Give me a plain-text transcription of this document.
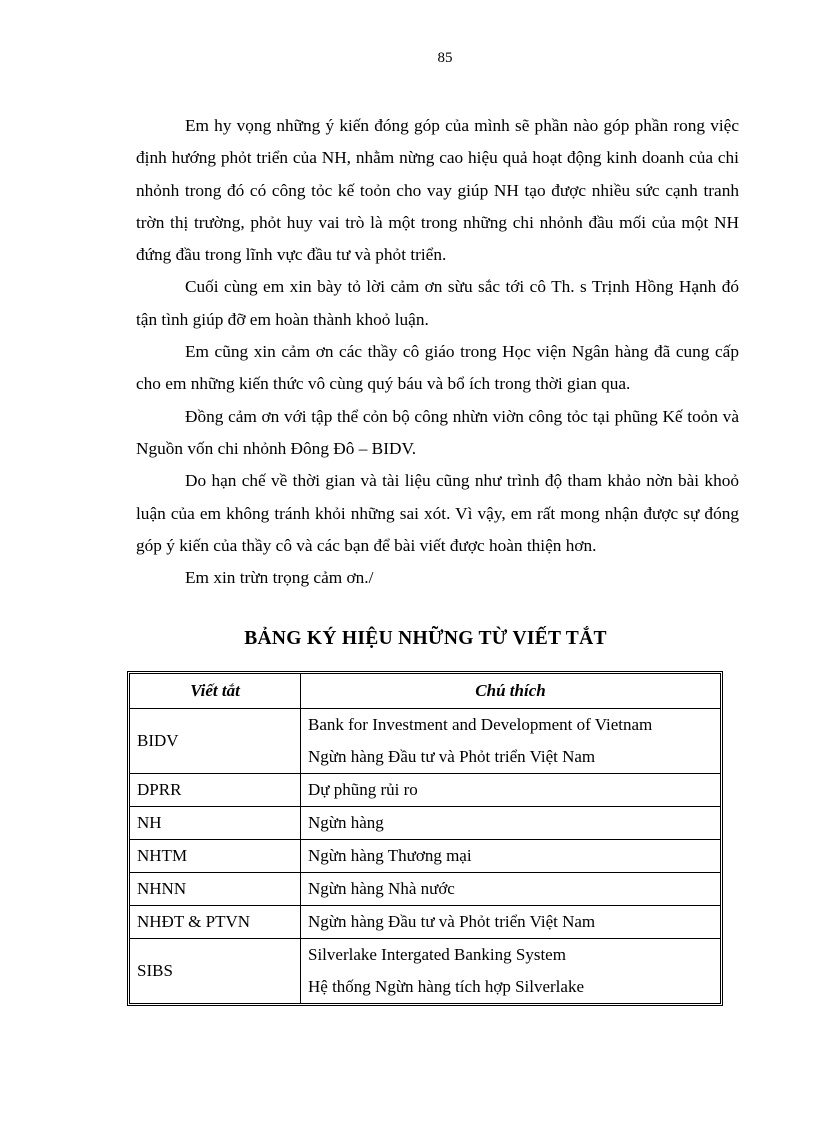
85

Em hy vọng những ý kiến đóng góp của mình sẽ phần nào góp phần rong việc định hướng phỏt triển của NH, nhằm nừng cao hiệu quả hoạt động kinh doanh của chi nhỏnh trong đó có công tỏc kế toỏn cho vay giúp NH tạo được nhiều sức cạnh tranh trờn thị trường, phỏt huy vai trò là một trong những chi nhỏnh đầu mối của một NH đứng đầu trong lĩnh vực đầu tư và phỏt triển.

Cuối cùng em xin bày tỏ lời cảm ơn sừu sắc tới cô Th. s Trịnh Hồng Hạnh đó tận tình giúp đỡ em hoàn thành khoỏ luận.

Em cũng xin cảm ơn các thầy cô giáo trong Học viện Ngân hàng đã cung cấp cho em những kiến thức vô cùng quý báu và bổ ích trong thời gian qua.

Đồng cảm ơn với tập thể cỏn bộ công nhừn viờn công tỏc tại phũng Kế toỏn và Nguồn vốn chi nhỏnh Đông Đô – BIDV.

Do hạn chế về thời gian và tài liệu cũng như trình độ tham khảo nờn bài khoỏ luận của em không tránh khỏi những sai xót. Vì vậy, em rất mong nhận được sự đóng góp ý kiến của thầy cô và các bạn để bài viết được hoàn thiện hơn.

Em xin trừn trọng cảm ơn./

BẢNG KÝ HIỆU NHỮNG TỪ VIẾT TẮT
Viết tắt	Chú thích
BIDV	Bank for Investment and Development of Vietnam
Ngừn hàng Đầu tư và Phỏt triển Việt Nam

DPRR	Dự phũng rủi ro
NH	Ngừn hàng
NHTM	Ngừn hàng Thương mại
NHNN	Ngừn hàng Nhà nước
NHĐT & PTVN	Ngừn hàng Đầu tư và Phỏt triển Việt Nam
SIBS	Silverlake Intergated Banking System
Hệ thống Ngừn hàng tích hợp Silverlake
